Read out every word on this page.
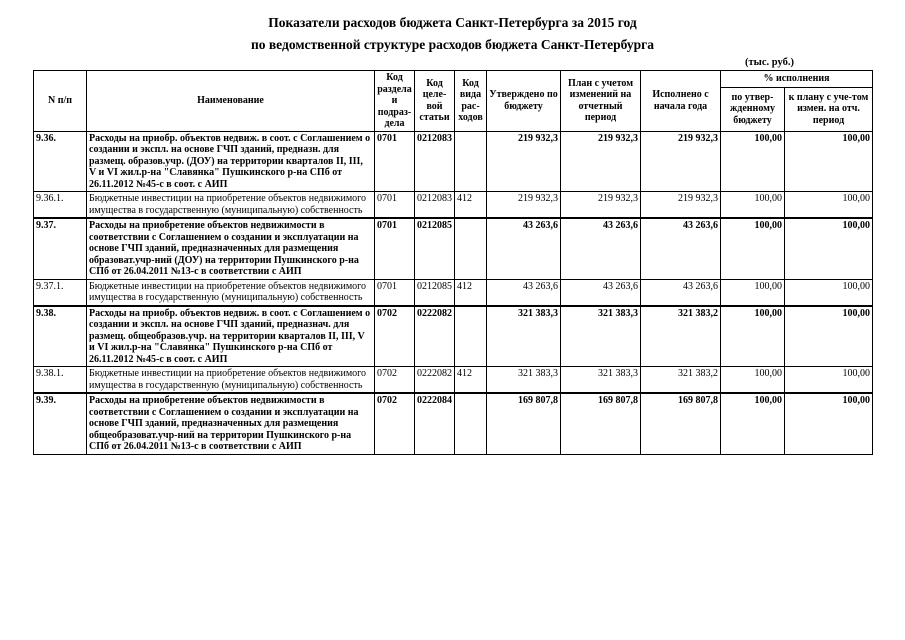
Показатели расходов бюджета Санкт-Петербурга за 2015 год
по ведомственной структуре расходов бюджета Санкт-Петербурга
(тыс. руб.)
N п/п	Наименование	Код раздела и подраз-дела	Код целе-вой статьи	Код вида рас-ходов	Утверждено по бюджету	План с учетом изменений на отчетный период	Исполнено с начала года	% исполнения	
								по утвер-жденному бюджету	к плану с уче-том измен. на отч. период
9.36.	Расходы на приобр. объектов недвиж. в соот. с Соглашением о создании и экспл. на основе ГЧП зданий, предназн. для размещ. образов.учр. (ДОУ) на территории кварталов II, III, V и VI жил.р-на "Славянка" Пушкинского р-на СПб от 26.11.2012 №45-с в соот. с АИП	0701	0212083		219 932,3	219 932,3	219 932,3	100,00	100,00
9.36.1.	Бюджетные инвестиции на приобретение объектов недвижимого имущества в государственную (муниципальную) собственность	0701	0212083	412	219 932,3	219 932,3	219 932,3	100,00	100,00
9.37.	Расходы на приобретение объектов недвижимости в соответствии с Соглашением о создании и эксплуатации на основе ГЧП зданий, предназначенных для размещения образоват.учр-ний (ДОУ) на территории Пушкинского р-на СПб от 26.04.2011 №13-с в соответствии с АИП	0701	0212085		43 263,6	43 263,6	43 263,6	100,00	100,00
9.37.1.	Бюджетные инвестиции на приобретение объектов недвижимого имущества в государственную (муниципальную) собственность	0701	0212085	412	43 263,6	43 263,6	43 263,6	100,00	100,00
9.38.	Расходы на приобр. объектов недвиж. в соот. с Соглашением о создании и экспл. на основе ГЧП зданий, предназнач. для размещ. общеобразов.учр. на территории кварталов II, III, V и VI жил.р-на "Славянка" Пушкинского р-на СПб от 26.11.2012 №45-с в соот. с АИП	0702	0222082		321 383,3	321 383,3	321 383,2	100,00	100,00
9.38.1.	Бюджетные инвестиции на приобретение объектов недвижимого имущества в государственную (муниципальную) собственность	0702	0222082	412	321 383,3	321 383,3	321 383,2	100,00	100,00
9.39.	Расходы на приобретение объектов недвижимости в соответствии с Соглашением о создании и эксплуатации на основе ГЧП зданий, предназначенных для размещения общеобразоват.учр-ний на территории Пушкинского р-на СПб от 26.04.2011 №13-с в соответствии с АИП	0702	0222084		169 807,8	169 807,8	169 807,8	100,00	100,00
